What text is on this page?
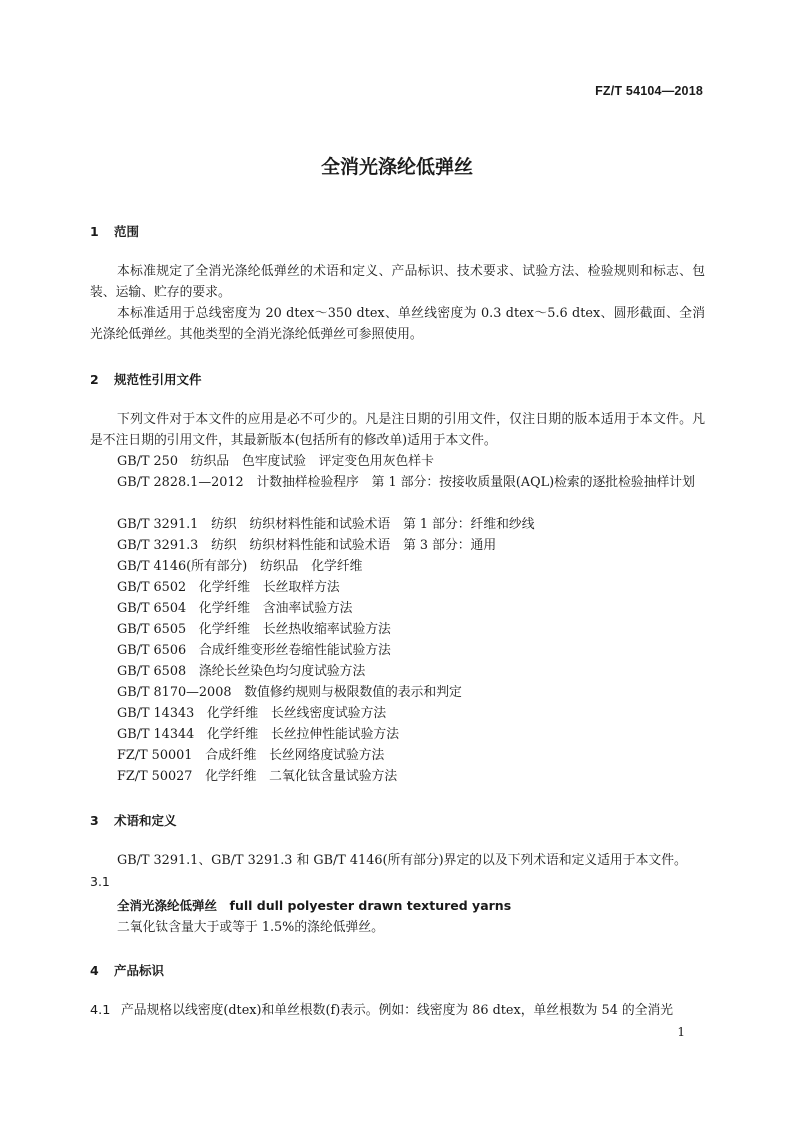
FZ/T 54104—2018
全消光涤纶低弹丝
1 范围
本标准规定了全消光涤纶低弹丝的术语和定义、产品标识、技术要求、试验方法、检验规则和标志、包装、运输、贮存的要求。
本标准适用于总线密度为 20 dtex～350 dtex、单丝线密度为 0.3 dtex～5.6 dtex、圆形截面、全消光涤纶低弹丝。其他类型的全消光涤纶低弹丝可参照使用。
2 规范性引用文件
下列文件对于本文件的应用是必不可少的。凡是注日期的引用文件，仅注日期的版本适用于本文件。凡是不注日期的引用文件，其最新版本(包括所有的修改单)适用于本文件。
GB/T 250　纺织品　色牢度试验　评定变色用灰色样卡
GB/T 2828.1—2012　计数抽样检验程序　第 1 部分：按接收质量限(AQL)检索的逐批检验抽样计划
GB/T 3291.1　纺织　纺织材料性能和试验术语　第 1 部分：纤维和纱线
GB/T 3291.3　纺织　纺织材料性能和试验术语　第 3 部分：通用
GB/T 4146(所有部分)　纺织品　化学纤维
GB/T 6502　化学纤维　长丝取样方法
GB/T 6504　化学纤维　含油率试验方法
GB/T 6505　化学纤维　长丝热收缩率试验方法
GB/T 6506　合成纤维变形丝卷缩性能试验方法
GB/T 6508　涤纶长丝染色均匀度试验方法
GB/T 8170—2008　数值修约规则与极限数值的表示和判定
GB/T 14343　化学纤维　长丝线密度试验方法
GB/T 14344　化学纤维　长丝拉伸性能试验方法
FZ/T 50001　合成纤维　长丝网络度试验方法
FZ/T 50027　化学纤维　二氧化钛含量试验方法
3 术语和定义
GB/T 3291.1、GB/T 3291.3 和 GB/T 4146(所有部分)界定的以及下列术语和定义适用于本文件。
3.1
全消光涤纶低弹丝　full dull polyester drawn textured yarns
二氧化钛含量大于或等于 1.5%的涤纶低弹丝。
4 产品标识
4.1 产品规格以线密度(dtex)和单丝根数(f)表示。例如：线密度为 86 dtex，单丝根数为 54 的全消光
1
